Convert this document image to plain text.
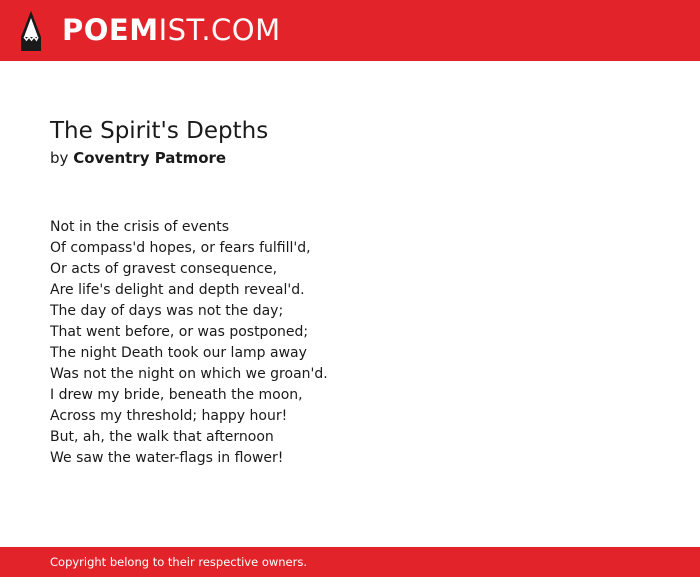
POEMIST.COM
The Spirit's Depths
by Coventry Patmore
Not in the crisis of events
Of compass'd hopes, or fears fulfill'd,
Or acts of gravest consequence,
Are life's delight and depth reveal'd.
The day of days was not the day;
That went before, or was postponed;
The night Death took our lamp away
Was not the night on which we groan'd.
I drew my bride, beneath the moon,
Across my threshold; happy hour!
But, ah, the walk that afternoon
We saw the water-flags in flower!
Copyright belong to their respective owners.
